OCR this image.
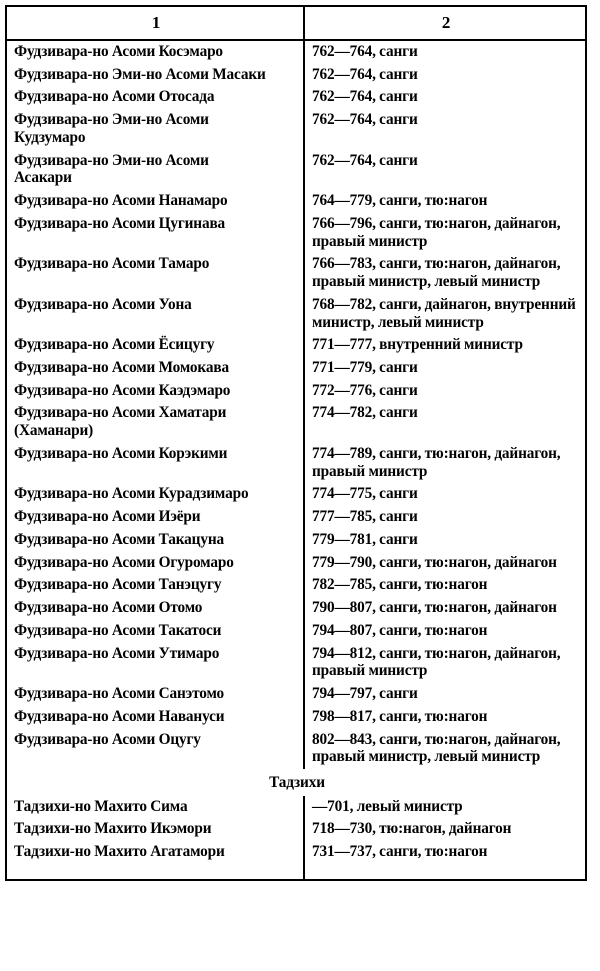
1	2
Фудзивара-но Асоми Косэмаро	762—764, санги
Фудзивара-но Эми-но Асоми Масаки	762—764, санги
Фудзивара-но Асоми Отосада	762—764, санги
Фудзивара-но Эми-но Асоми
Кудзумаро	762—764, санги
Фудзивара-но Эми-но Асоми
Асакари	762—764, санги
Фудзивара-но Асоми Нанамаро	764—779, санги, тю:нагон
Фудзивара-но Асоми Цугинава	766—796, санги, тю:нагон, дайнагон,
правый министр

Фудзивара-но Асоми Тамаро	766—783, санги, тю:нагон, дайнагон,
правый министр, левый министр

Фудзивара-но Асоми Уона	768—782, санги, дайнагон, внутренний
министр, левый министр

Фудзивара-но Асоми Ёсицугу	771—777, внутренний министр
Фудзивара-но Асоми Момокава	771—779, санги
Фудзивара-но Асоми Каэдэмаро	772—776, санги
Фудзивара-но Асоми Хаматари
(Хаманари)	774—782, санги
Фудзивара-но Асоми Корэкими	774—789, санги, тю:нагон, дайнагон,
правый министр

Фудзивара-но Асоми Курадзимаро	774—775, санги
Фудзивара-но Асоми Иэёри	777—785, санги
Фудзивара-но Асоми Такацуна	779—781, санги
Фудзивара-но Асоми Огуромаро	779—790, санги, тю:нагон, дайнагон
Фудзивара-но Асоми Танэцугу	782—785, санги, тю:нагон
Фудзивара-но Асоми Отомо	790—807, санги, тю:нагон, дайнагон
Фудзивара-но Асоми Такатоси	794—807, санги, тю:нагон
Фудзивара-но Асоми Утимаро	794—812, санги, тю:нагон, дайнагон,
правый министр

Фудзивара-но Асоми Санэтомо	794—797, санги
Фудзивара-но Асоми Навануси	798—817, санги, тю:нагон
Фудзивара-но Асоми Оцугу	802—843, санги, тю:нагон, дайнагон,
правый министр, левый министр

Тадзихи	

Тадзихи-но Махито Сима	—701, левый министр
Тадзихи-но Махито Икэмори	718—730, тю:нагон, дайнагон
Тадзихи-но Махито Агатамори	731—737, санги, тю:нагон
